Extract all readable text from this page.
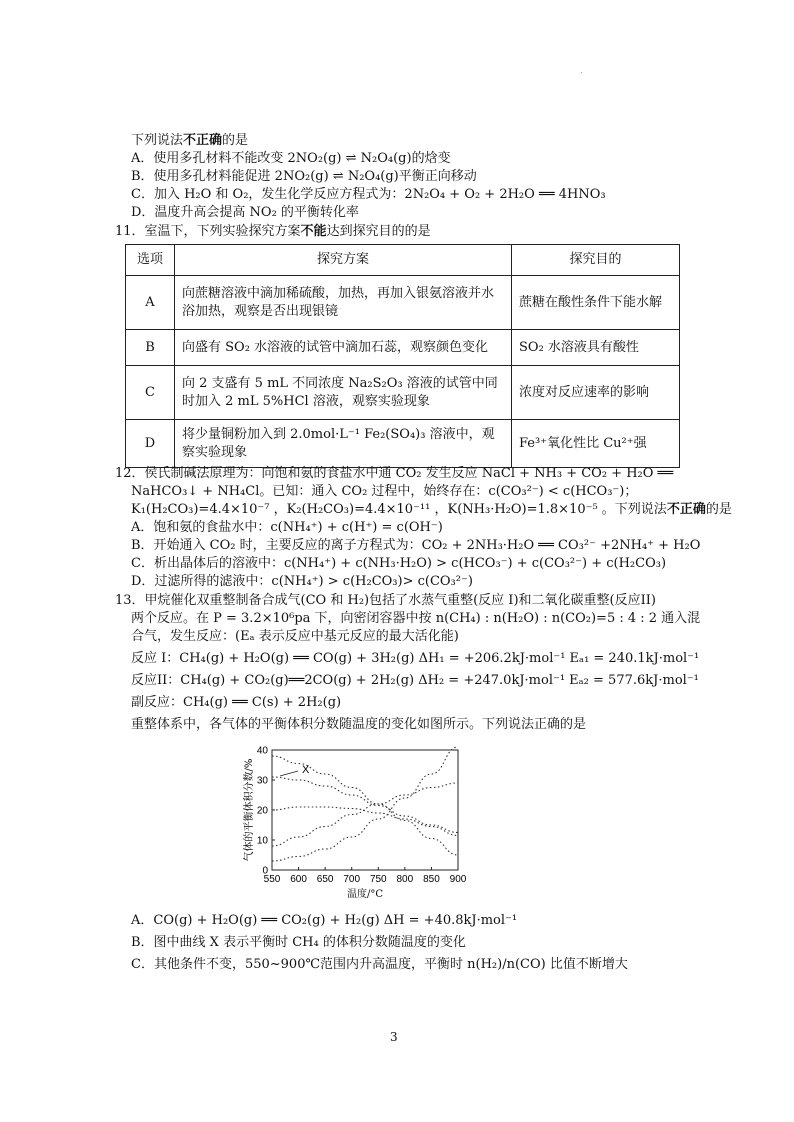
.
下列说法不正确的是
A．使用多孔材料不能改变 2NO₂(g) ⇌ N₂O₄(g)的焓变
B．使用多孔材料能促进 2NO₂(g) ⇌ N₂O₄(g)平衡正向移动
C．加入 H₂O 和 O₂，发生化学反应方程式为：2N₂O₄ + O₂ + 2H₂O ══ 4HNO₃
D．温度升高会提高 NO₂ 的平衡转化率
11．室温下，下列实验探究方案不能达到探究目的的是
选项	探究方案	探究目的
A	向蔗糖溶液中滴加稀硫酸，加热，再加入银氨溶液并水浴加热，观察是否出现银镜	蔗糖在酸性条件下能水解
B	向盛有 SO₂ 水溶液的试管中滴加石蕊，观察颜色变化	SO₂ 水溶液具有酸性
C	向 2 支盛有 5 mL 不同浓度 Na₂S₂O₃ 溶液的试管中同时加入 2 mL 5%HCl 溶液，观察实验现象	浓度对反应速率的影响
D	将少量铜粉加入到 2.0mol·L⁻¹ Fe₂(SO₄)₃ 溶液中，观察实验现象	Fe³⁺氧化性比 Cu²⁺强
12．侯氏制碱法原理为：向饱和氨的食盐水中通 CO₂ 发生反应 NaCl + NH₃ + CO₂ + H₂O ══
NaHCO₃↓ + NH₄Cl。已知：通入 CO₂ 过程中，始终存在：c(CO₃²⁻) < c(HCO₃⁻)；
K₁(H₂CO₃)=4.4×10⁻⁷ ，K₂(H₂CO₃)=4.4×10⁻¹¹ ，K(NH₃·H₂O)=1.8×10⁻⁵ 。下列说法不正确的是
A．饱和氨的食盐水中：c(NH₄⁺) + c(H⁺) = c(OH⁻)
B．开始通入 CO₂ 时，主要反应的离子方程式为：CO₂ + 2NH₃·H₂O ══ CO₃²⁻ +2NH₄⁺ + H₂O
C．析出晶体后的溶液中：c(NH₄⁺) + c(NH₃·H₂O) > c(HCO₃⁻) + c(CO₃²⁻) + c(H₂CO₃)
D．过滤所得的滤液中：c(NH₄⁺) > c(H₂CO₃)> c(CO₃²⁻)
13．甲烷催化双重整制备合成气(CO 和 H₂)包括了水蒸气重整(反应 I)和二氧化碳重整(反应II)
两个反应。在 P = 3.2×10⁶pa 下，向密闭容器中按 n(CH₄) : n(H₂O) : n(CO₂)=5 : 4 : 2 通入混
合气，发生反应：(Eₐ 表示反应中基元反应的最大活化能)
反应 I：CH₄(g) + H₂O(g) ══ CO(g) + 3H₂(g) ΔH₁ = +206.2kJ·mol⁻¹ Eₐ₁ = 240.1kJ·mol⁻¹
反应II：CH₄(g) + CO₂(g)══2CO(g) + 2H₂(g) ΔH₂ = +247.0kJ·mol⁻¹ Eₐ₂ = 577.6kJ·mol⁻¹
副反应：CH₄(g) ══ C(s) + 2H₂(g)
重整体系中，各气体的平衡体积分数随温度的变化如图所示。下列说法正确的是
550 600 650 700 750 800 850 900
0
10
20
30
40
温度/°C
气体的平衡体积分数/%	X
A．CO(g) + H₂O(g) ══ CO₂(g) + H₂(g) ΔH = +40.8kJ·mol⁻¹
B．图中曲线 X 表示平衡时 CH₄ 的体积分数随温度的变化
C．其他条件不变，550~900℃范围内升高温度，平衡时 n(H₂)/n(CO) 比值不断增大
3
